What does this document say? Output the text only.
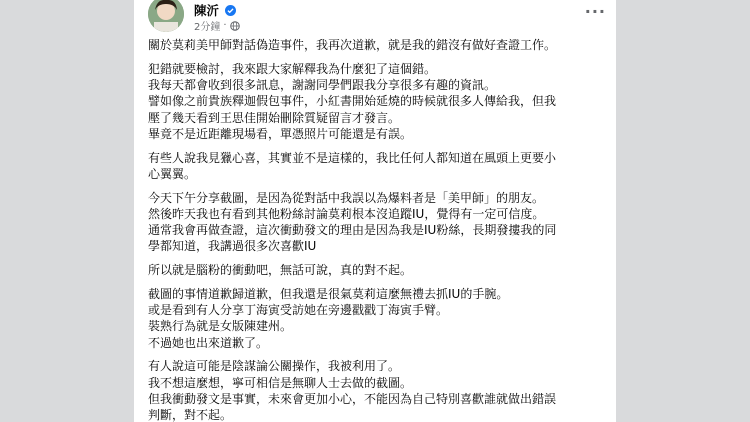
陳沂
2分鐘 ·
···
關於莫莉美甲師對話偽造事件，我再次道歉，就是我的錯沒有做好查證工作。
犯錯就要檢討，我來跟大家解釋我為什麼犯了這個錯。
我每天都會收到很多訊息，謝謝同學們跟我分享很多有趣的資訊。
譬如像之前貴族釋迦假包事件，小紅書開始延燒的時候就很多人傳給我，但我
壓了幾天看到王思佳開始刪除質疑留言才發言。
畢竟不是近距離現場看，單憑照片可能還是有誤。
有些人說我見獵心喜，其實並不是這樣的，我比任何人都知道在風頭上更要小
心翼翼。
今天下午分享截圖，是因為從對話中我誤以為爆料者是「美甲師」的朋友。
然後昨天我也有看到其他粉絲討論莫莉根本沒追蹤IU，覺得有一定可信度。
通常我會再做查證，這次衝動發文的理由是因為我是IU粉絲，長期發摟我的同
學都知道，我講過很多次喜歡IU
所以就是腦粉的衝動吧，無話可說，真的對不起。
截圖的事情道歉歸道歉，但我還是很氣莫莉這麼無禮去抓IU的手腕。
或是看到有人分享丁海寅受訪她在旁邊戳戳丁海寅手臂。
裝熟行為就是女版陳建州。
不過她也出來道歉了。
有人說這可能是陰謀論公關操作，我被利用了。
我不想這麼想，寧可相信是無聊人士去做的截圖。
但我衝動發文是事實，未來會更加小心，不能因為自己特別喜歡誰就做出錯誤
判斷，對不起。
